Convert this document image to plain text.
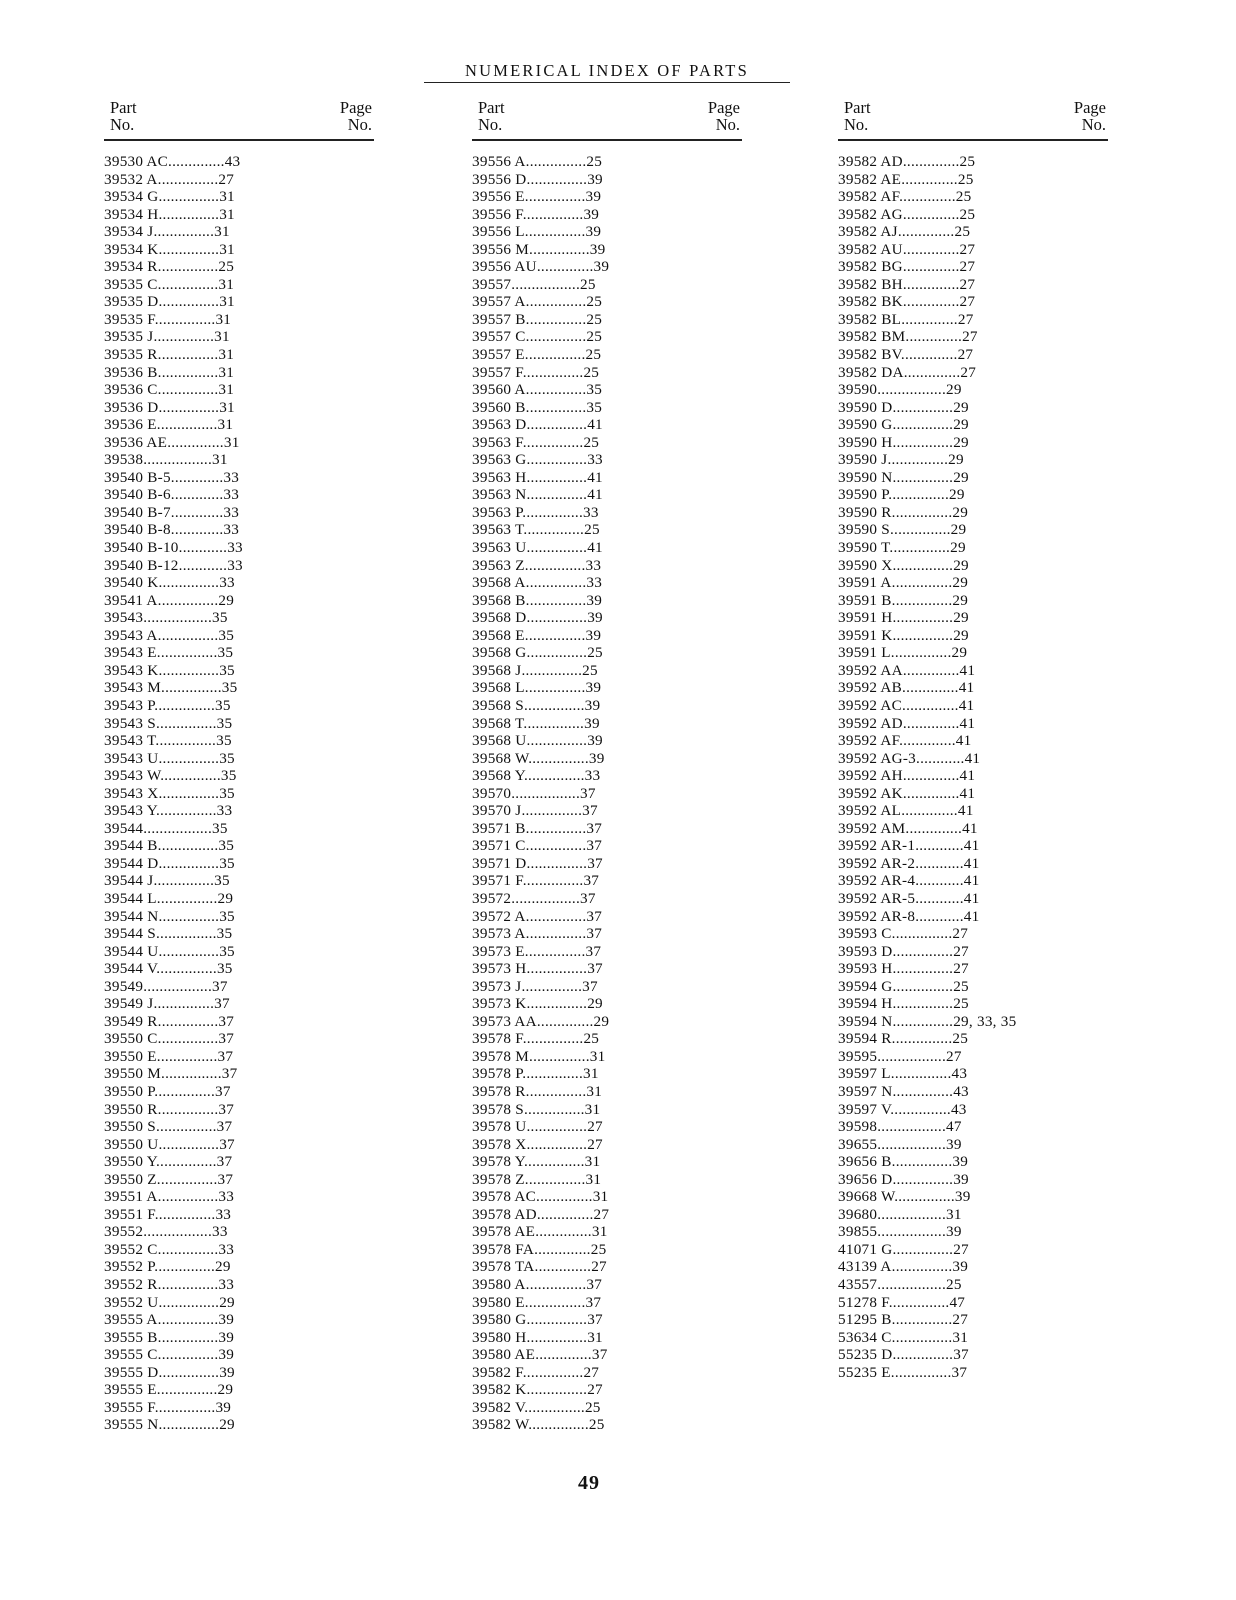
NUMERICAL INDEX OF PARTS
Part
No.
Page
No.
39530 AC..............43
39532 A...............27
39534 G...............31
39534 H...............31
39534 J...............31
39534 K...............31
39534 R...............25
39535 C...............31
39535 D...............31
39535 F...............31
39535 J...............31
39535 R...............31
39536 B...............31
39536 C...............31
39536 D...............31
39536 E...............31
39536 AE..............31
39538.................31
39540 B-5.............33
39540 B-6.............33
39540 B-7.............33
39540 B-8.............33
39540 B-10............33
39540 B-12............33
39540 K...............33
39541 A...............29
39543.................35
39543 A...............35
39543 E...............35
39543 K...............35
39543 M...............35
39543 P...............35
39543 S...............35
39543 T...............35
39543 U...............35
39543 W...............35
39543 X...............35
39543 Y...............33
39544.................35
39544 B...............35
39544 D...............35
39544 J...............35
39544 L...............29
39544 N...............35
39544 S...............35
39544 U...............35
39544 V...............35
39549.................37
39549 J...............37
39549 R...............37
39550 C...............37
39550 E...............37
39550 M...............37
39550 P...............37
39550 R...............37
39550 S...............37
39550 U...............37
39550 Y...............37
39550 Z...............37
39551 A...............33
39551 F...............33
39552.................33
39552 C...............33
39552 P...............29
39552 R...............33
39552 U...............29
39555 A...............39
39555 B...............39
39555 C...............39
39555 D...............39
39555 E...............29
39555 F...............39
39555 N...............29
Part
No.
Page
No.
39556 A...............25
39556 D...............39
39556 E...............39
39556 F...............39
39556 L...............39
39556 M...............39
39556 AU..............39
39557.................25
39557 A...............25
39557 B...............25
39557 C...............25
39557 E...............25
39557 F...............25
39560 A...............35
39560 B...............35
39563 D...............41
39563 F...............25
39563 G...............33
39563 H...............41
39563 N...............41
39563 P...............33
39563 T...............25
39563 U...............41
39563 Z...............33
39568 A...............33
39568 B...............39
39568 D...............39
39568 E...............39
39568 G...............25
39568 J...............25
39568 L...............39
39568 S...............39
39568 T...............39
39568 U...............39
39568 W...............39
39568 Y...............33
39570.................37
39570 J...............37
39571 B...............37
39571 C...............37
39571 D...............37
39571 F...............37
39572.................37
39572 A...............37
39573 A...............37
39573 E...............37
39573 H...............37
39573 J...............37
39573 K...............29
39573 AA..............29
39578 F...............25
39578 M...............31
39578 P...............31
39578 R...............31
39578 S...............31
39578 U...............27
39578 X...............27
39578 Y...............31
39578 Z...............31
39578 AC..............31
39578 AD..............27
39578 AE..............31
39578 FA..............25
39578 TA..............27
39580 A...............37
39580 E...............37
39580 G...............37
39580 H...............31
39580 AE..............37
39582 F...............27
39582 K...............27
39582 V...............25
39582 W...............25
Part
No.
Page
No.
39582 AD..............25
39582 AE..............25
39582 AF..............25
39582 AG..............25
39582 AJ..............25
39582 AU..............27
39582 BG..............27
39582 BH..............27
39582 BK..............27
39582 BL..............27
39582 BM..............27
39582 BV..............27
39582 DA..............27
39590.................29
39590 D...............29
39590 G...............29
39590 H...............29
39590 J...............29
39590 N...............29
39590 P...............29
39590 R...............29
39590 S...............29
39590 T...............29
39590 X...............29
39591 A...............29
39591 B...............29
39591 H...............29
39591 K...............29
39591 L...............29
39592 AA..............41
39592 AB..............41
39592 AC..............41
39592 AD..............41
39592 AF..............41
39592 AG-3............41
39592 AH..............41
39592 AK..............41
39592 AL..............41
39592 AM..............41
39592 AR-1............41
39592 AR-2............41
39592 AR-4............41
39592 AR-5............41
39592 AR-8............41
39593 C...............27
39593 D...............27
39593 H...............27
39594 G...............25
39594 H...............25
39594 N...............29, 33, 35
39594 R...............25
39595.................27
39597 L...............43
39597 N...............43
39597 V...............43
39598.................47
39655.................39
39656 B...............39
39656 D...............39
39668 W...............39
39680.................31
39855.................39
41071 G...............27
43139 A...............39
43557.................25
51278 F...............47
51295 B...............27
53634 C...............31
55235 D...............37
55235 E...............37
49
